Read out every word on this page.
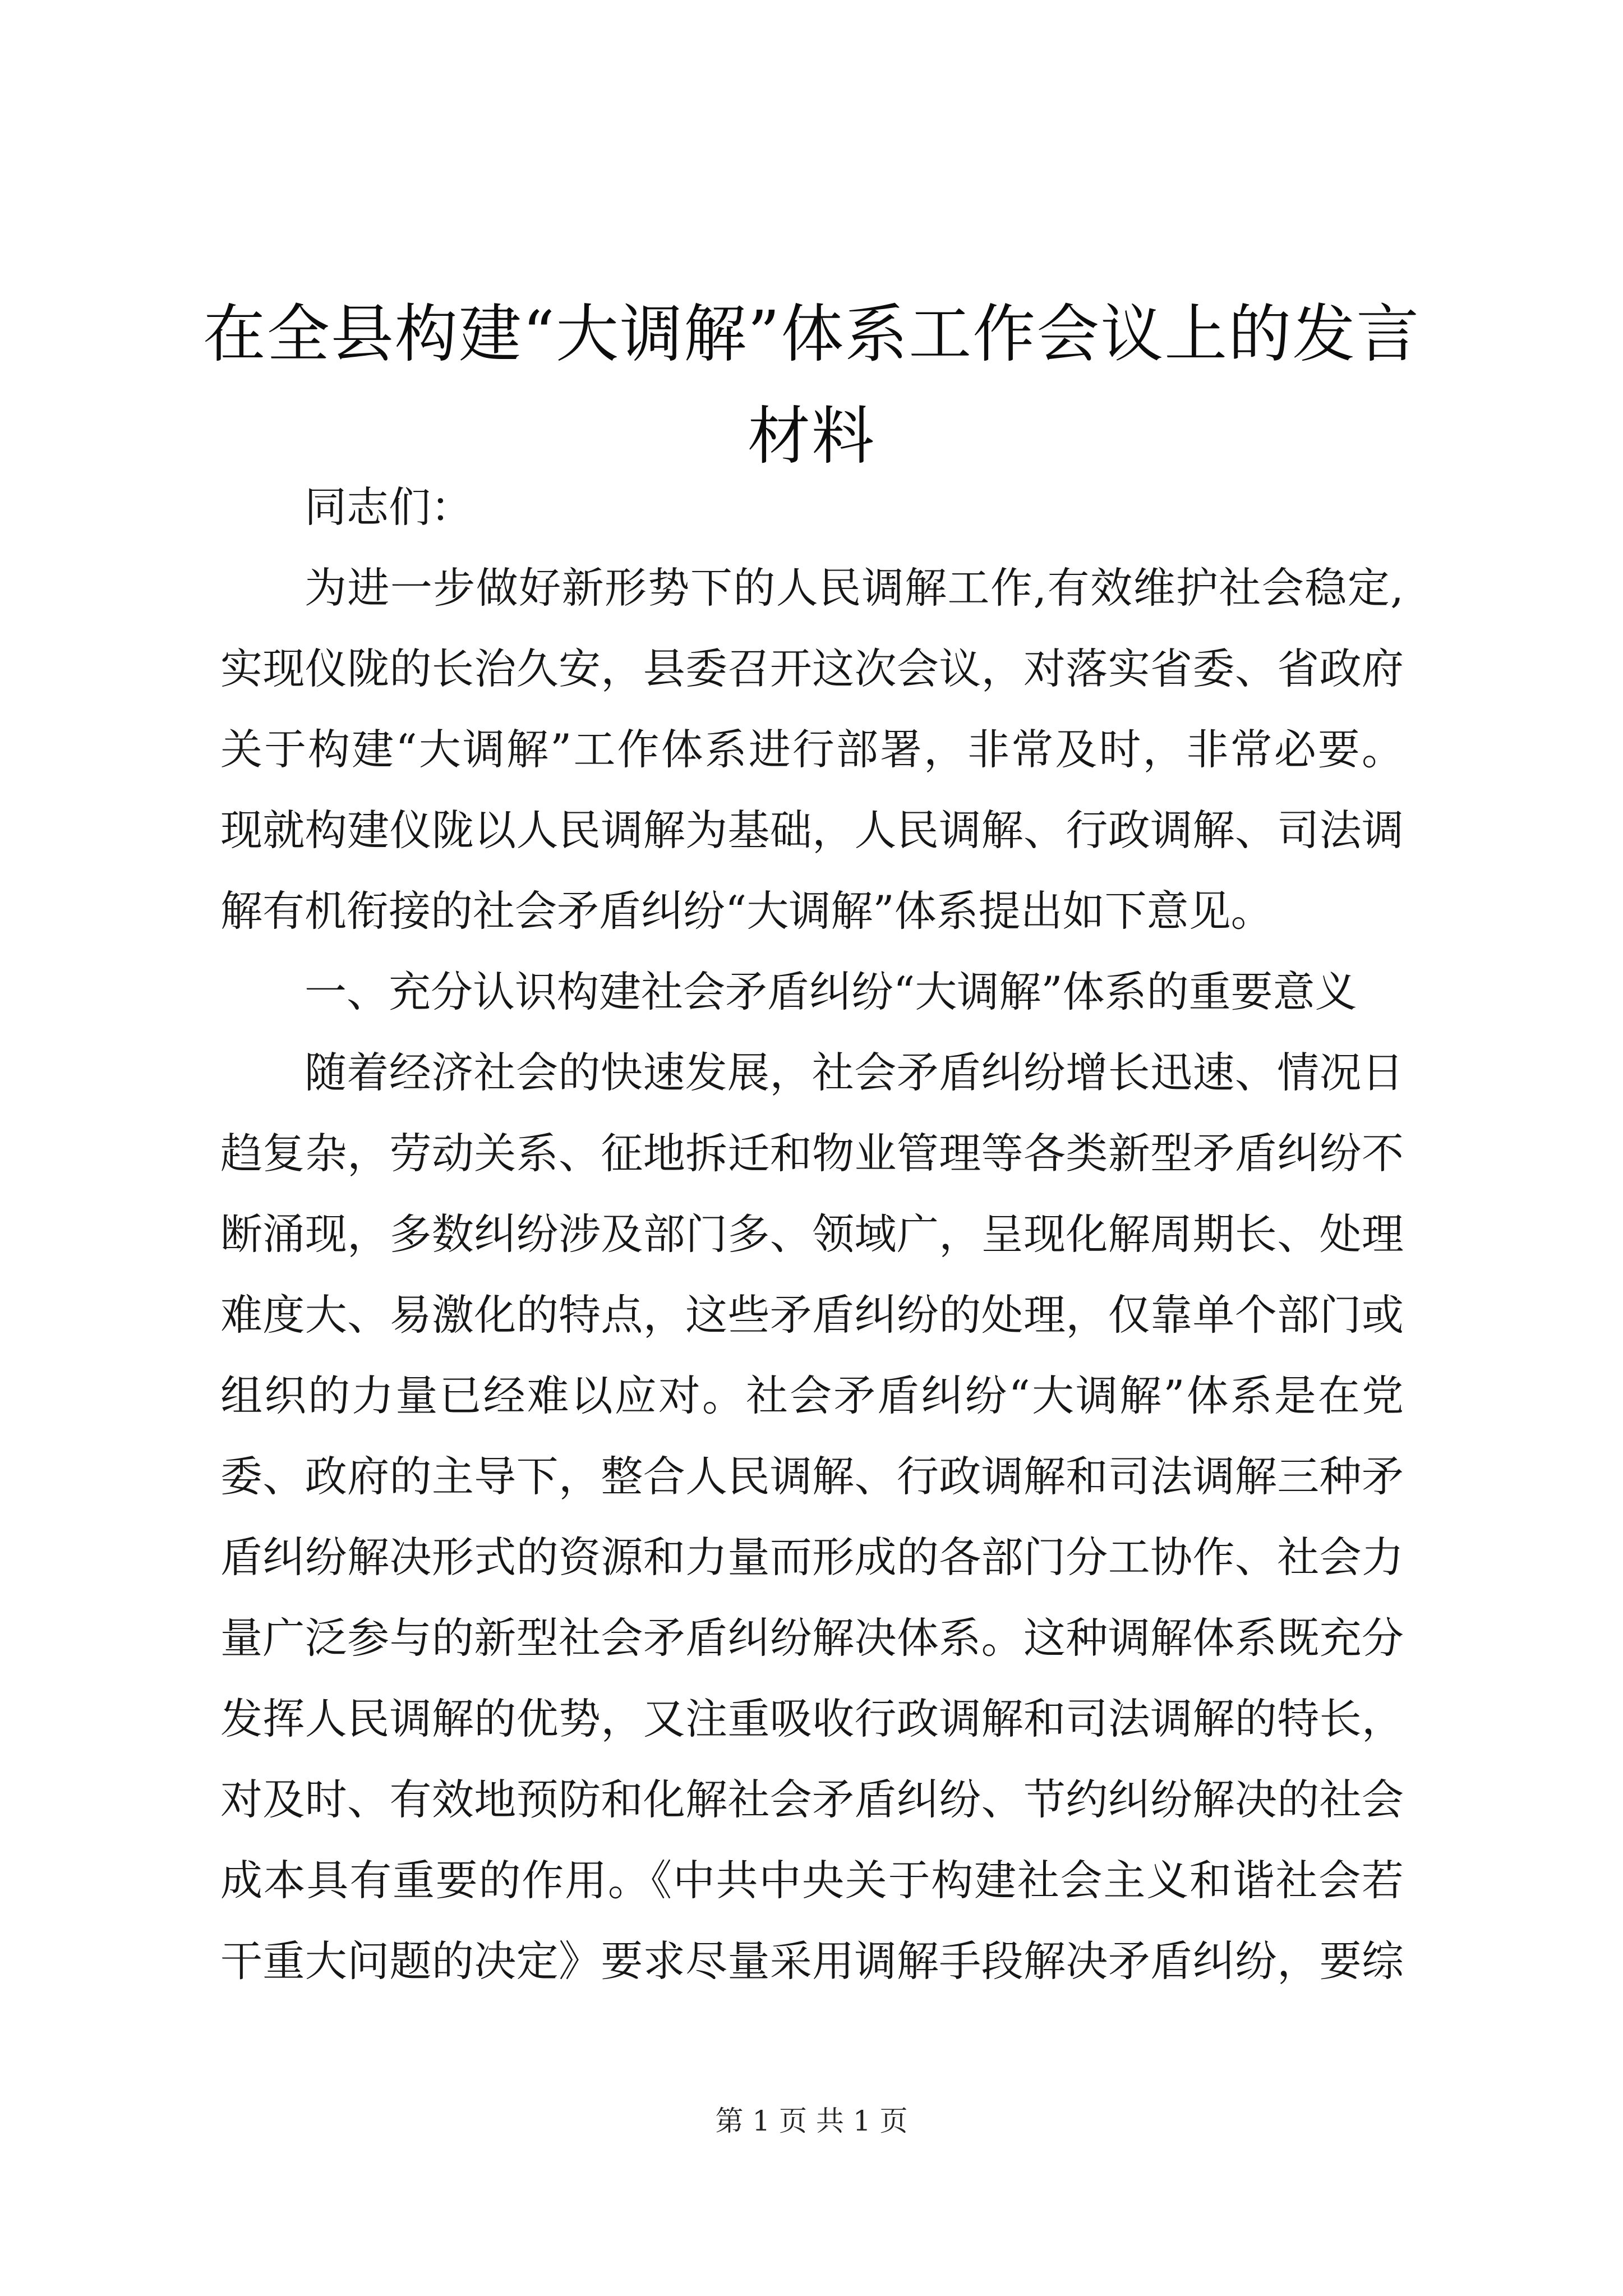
在全县构建“大调解”体系工作会议上的发言
材料
同志们：
为进一步做好新形势下的人民调解工作,有效维护社会稳定,
实现仪陇的长治久安，县委召开这次会议，对落实省委、省政府
关于构建“大调解”工作体系进行部署，非常及时，非常必要。
现就构建仪陇以人民调解为基础，人民调解、行政调解、司法调
解有机衔接的社会矛盾纠纷“大调解”体系提出如下意见。
一、充分认识构建社会矛盾纠纷“大调解”体系的重要意义
随着经济社会的快速发展，社会矛盾纠纷增长迅速、情况日
趋复杂，劳动关系、征地拆迁和物业管理等各类新型矛盾纠纷不
断涌现，多数纠纷涉及部门多、领域广，呈现化解周期长、处理
难度大、易激化的特点，这些矛盾纠纷的处理，仅靠单个部门或
组织的力量已经难以应对。社会矛盾纠纷“大调解”体系是在党
委、政府的主导下，整合人民调解、行政调解和司法调解三种矛
盾纠纷解决形式的资源和力量而形成的各部门分工协作、社会力
量广泛参与的新型社会矛盾纠纷解决体系。这种调解体系既充分
发挥人民调解的优势，又注重吸收行政调解和司法调解的特长，
对及时、有效地预防和化解社会矛盾纠纷、节约纠纷解决的社会
成本具有重要的作用。《中共中央关于构建社会主义和谐社会若
干重大问题的决定》要求尽量采用调解手段解决矛盾纠纷，要综
第 1 页 共 1 页
